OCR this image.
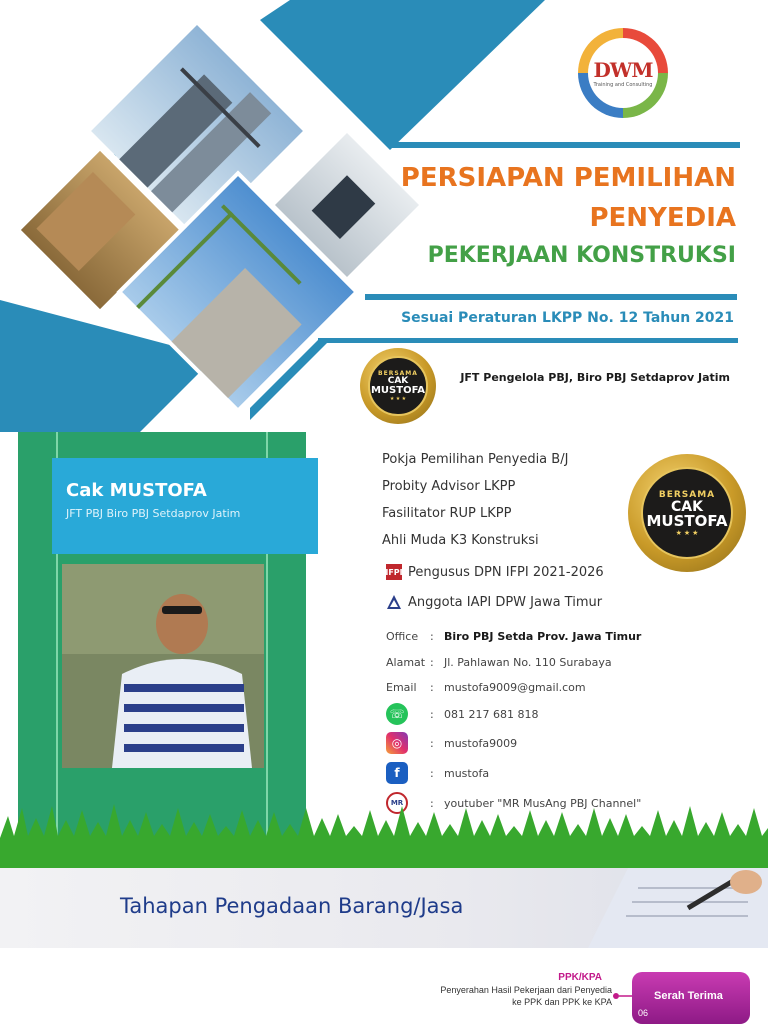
DWM
Training and Consulting
PERSIAPAN PEMILIHAN
PENYEDIA
PEKERJAAN KONSTRUKSI
Sesuai Peraturan LKPP No. 12 Tahun 2021
BERSAMA
CAK
MUSTOFA
★ ★ ★
JFT Pengelola PBJ, Biro PBJ Setdaprov Jatim
Cak MUSTOFA
JFT PBJ Biro PBJ Setdaprov Jatim
Pokja Pemilihan Penyedia B/J
Probity Advisor LKPP
Fasilitator RUP LKPP
Ahli Muda K3 Konstruksi
IFPI Pengusus DPN IFPI 2021-2026
Anggota IAPI DPW Jawa Timur
Office	: Biro PBJ Setda Prov. Jawa Timur
Alamat : Jl. Pahlawan No. 110 Surabaya
Email	: mustofa9009@gmail.com
☏	: 081 217 681 818
◎	: mustofa9009
f	: mustofa
MR	: youtuber "MR MusAng PBJ Channel"
BERSAMA
CAK
MUSTOFA
★ ★ ★
Tahapan Pengadaan Barang/Jasa
PPK/KPA
Penyerahan Hasil Pekerjaan dari Penyedia
ke PPK dan PPK ke KPA	Serah Terima
06
